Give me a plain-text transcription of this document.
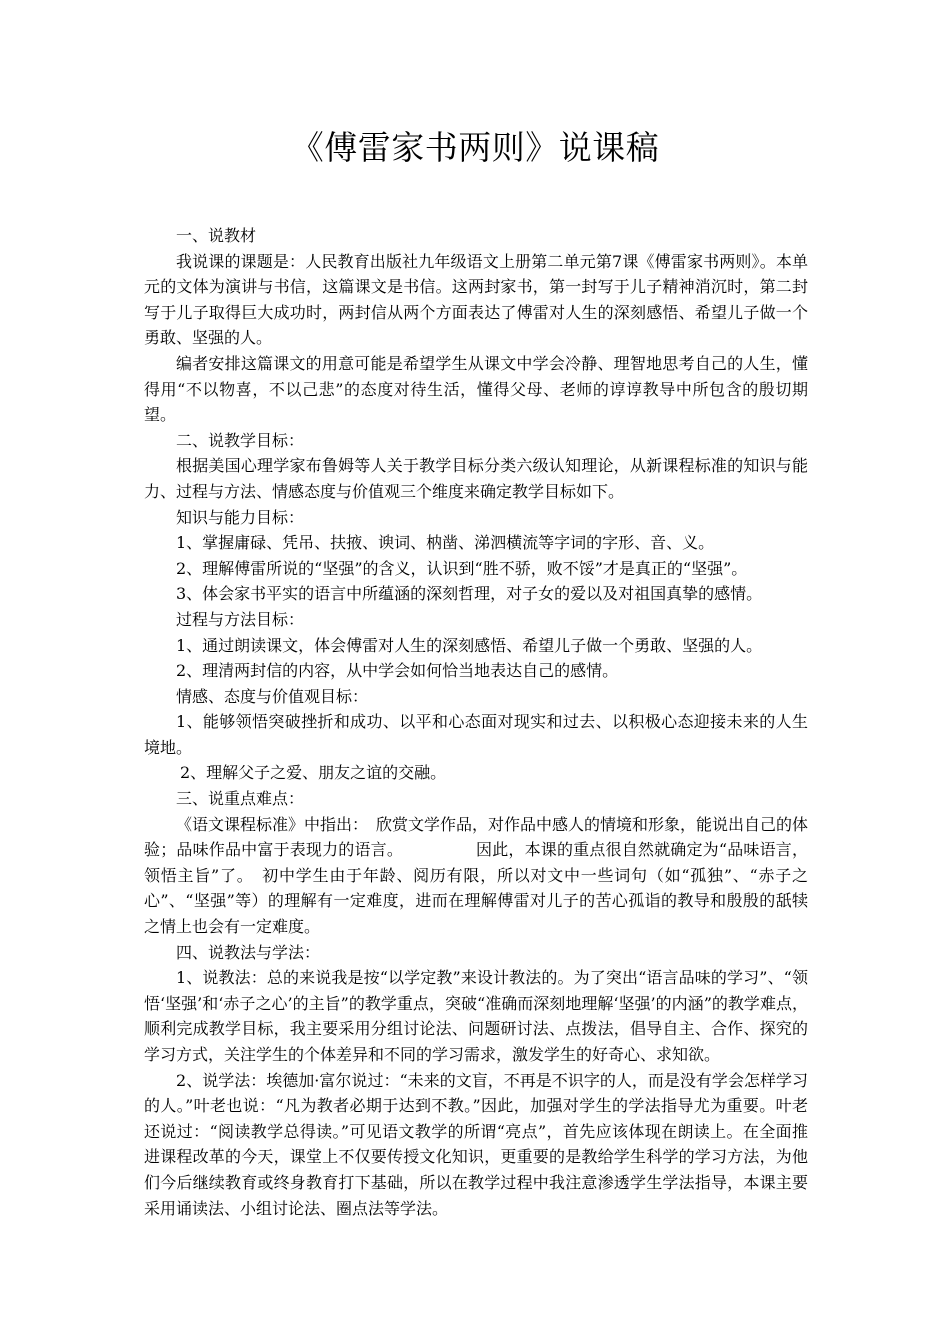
《傅雷家书两则》说课稿

一、说教材

我说课的课题是：人民教育出版社九年级语文上册第二单元第7课《傅雷家书两则》。本单元的文体为演讲与书信，这篇课文是书信。这两封家书，第一封写于儿子精神消沉时，第二封写于儿子取得巨大成功时，两封信从两个方面表达了傅雷对人生的深刻感悟、希望儿子做一个勇敢、坚强的人。

编者安排这篇课文的用意可能是希望学生从课文中学会冷静、理智地思考自己的人生，懂得用“不以物喜，不以己悲”的态度对待生活，懂得父母、老师的谆谆教导中所包含的殷切期望。

二、说教学目标：

根据美国心理学家布鲁姆等人关于教学目标分类六级认知理论，从新课程标准的知识与能力、过程与方法、情感态度与价值观三个维度来确定教学目标如下。

知识与能力目标：

1、掌握庸碌、凭吊、扶掖、谀词、枘凿、涕泗横流等字词的字形、音、义。

2、理解傅雷所说的“坚强”的含义，认识到“胜不骄，败不馁”才是真正的“坚强”。

3、体会家书平实的语言中所蕴涵的深刻哲理，对子女的爱以及对祖国真挚的感情。

过程与方法目标：

1、通过朗读课文，体会傅雷对人生的深刻感悟、希望儿子做一个勇敢、坚强的人。

2、理清两封信的内容，从中学会如何恰当地表达自己的感情。

情感、态度与价值观目标：

1、能够领悟突破挫折和成功、以平和心态面对现实和过去、以积极心态迎接未来的人生境地。

2、理解父子之爱、朋友之谊的交融。

三、说重点难点：

《语文课程标准》中指出：　欣赏文学作品，对作品中感人的情境和形象，能说出自己的体验；品味作品中富于表现力的语言。　　　　　因此，本课的重点很自然就确定为“品味语言，领悟主旨”了。　初中学生由于年龄、阅历有限，所以对文中一些词句（如“孤独”、“赤子之心”、“坚强”等）的理解有一定难度，进而在理解傅雷对儿子的苦心孤诣的教导和殷殷的舐犊之情上也会有一定难度。

四、说教法与学法：

1、说教法：总的来说我是按“以学定教”来设计教法的。为了突出“语言品味的学习”、“领悟‘坚强’和‘赤子之心’的主旨”的教学重点，突破“准确而深刻地理解‘坚强’的内涵”的教学难点，顺利完成教学目标，我主要采用分组讨论法、问题研讨法、点拨法，倡导自主、合作、探究的学习方式，关注学生的个体差异和不同的学习需求，激发学生的好奇心、求知欲。

2、说学法：埃德加·富尔说过：“未来的文盲，不再是不识字的人，而是没有学会怎样学习的人。”叶老也说：“凡为教者必期于达到不教。”因此，加强对学生的学法指导尤为重要。叶老还说过：“阅读教学总得读。”可见语文教学的所谓“亮点”，首先应该体现在朗读上。在全面推进课程改革的今天，课堂上不仅要传授文化知识，更重要的是教给学生科学的学习方法，为他们今后继续教育或终身教育打下基础，所以在教学过程中我注意渗透学生学法指导，本课主要采用诵读法、小组讨论法、圈点法等学法。
